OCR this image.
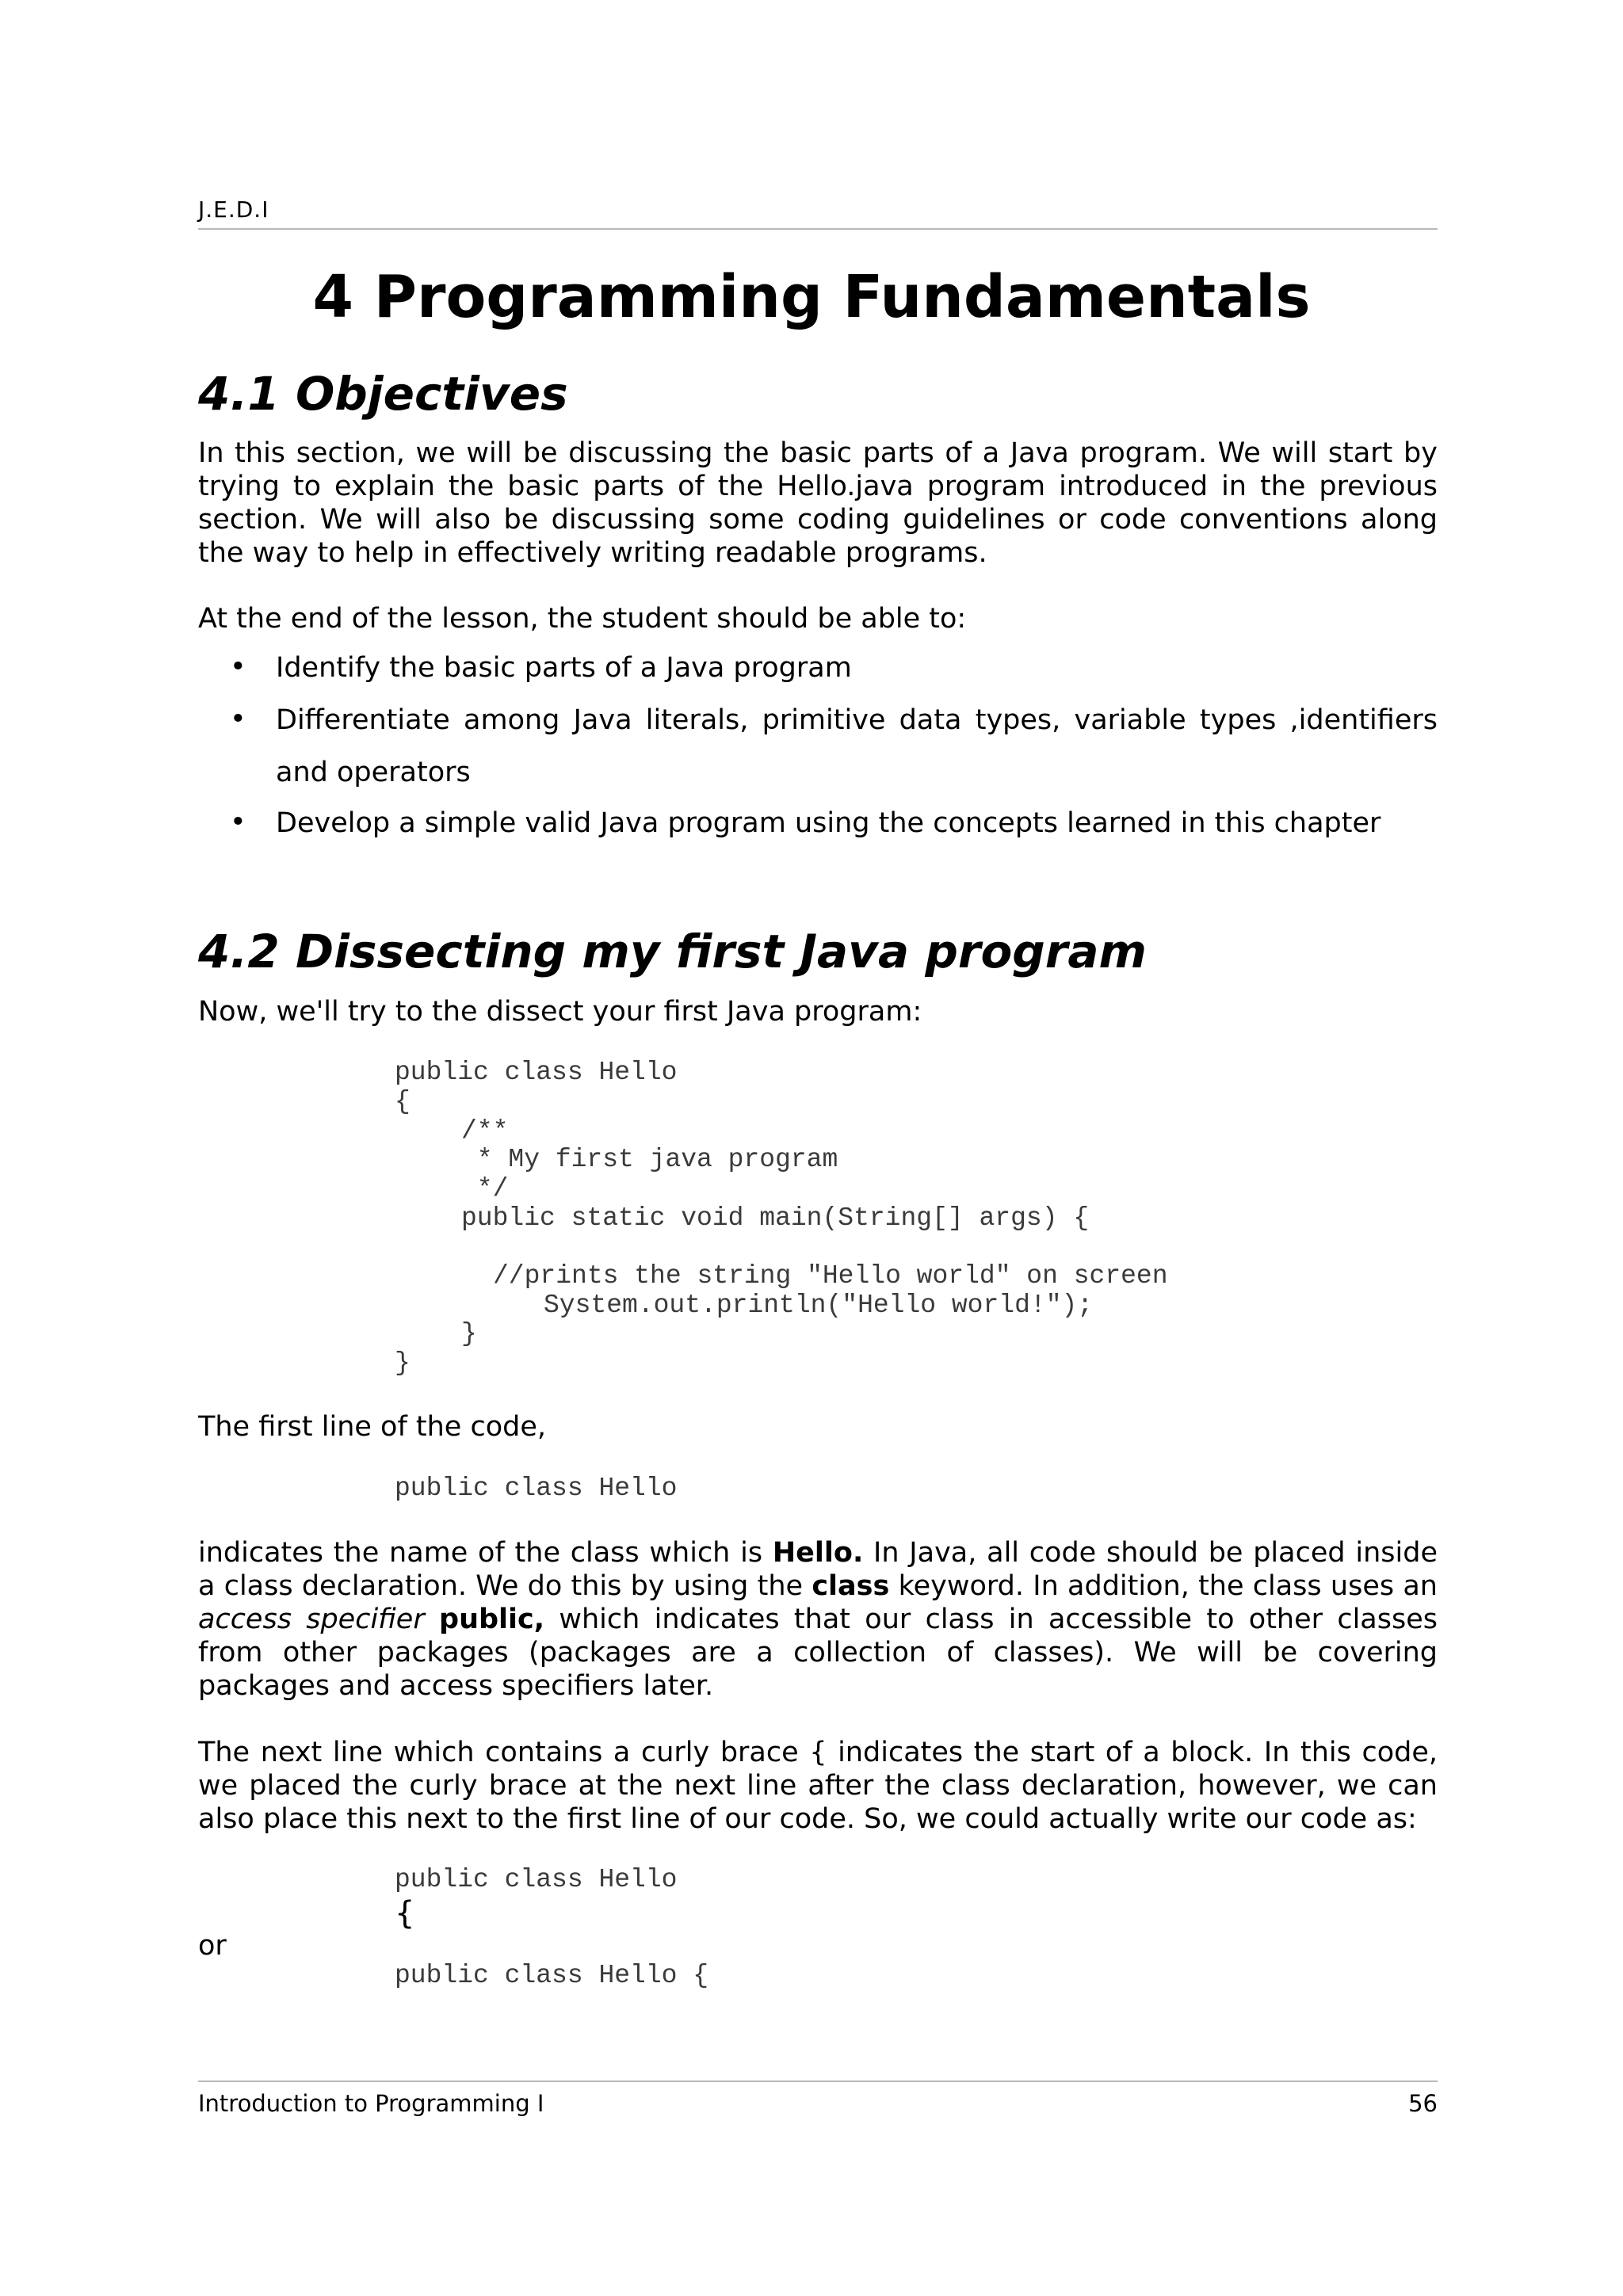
J.E.D.I
4 Programming Fundamentals
4.1 Objectives
In this section, we will be discussing the basic parts of a Java program. We will start by trying to explain the basic parts of the Hello.java program introduced in the previous section. We will also be discussing some coding guidelines or code conventions along the way to help in effectively writing readable programs.
At the end of the lesson, the student should be able to:
• Identify the basic parts of a Java program
• Differentiate among Java literals, primitive data types, variable types ,identifiers
and operators
• Develop a simple valid Java program using the concepts learned in this chapter
4.2 Dissecting my first Java program
Now, we'll try to the dissect your first Java program:
public class Hello
{
/**
* My first java program
*/
public static void main(String[] args) {
//prints the string "Hello world" on screen
System.out.println("Hello world!");
}
}
The first line of the code,
public class Hello
indicates the name of the class which is Hello. In Java, all code should be placed inside a class declaration. We do this by using the class keyword. In addition, the class uses an access specifier public, which indicates that our class in accessible to other classes from other packages (packages are a collection of classes). We will be covering packages and access specifiers later.
The next line which contains a curly brace { indicates the start of a block. In this code, we placed the curly brace at the next line after the class declaration, however, we can also place this next to the first line of our code. So, we could actually write our code as:
public class Hello
{
or
public class Hello {
Introduction to Programming I	56
